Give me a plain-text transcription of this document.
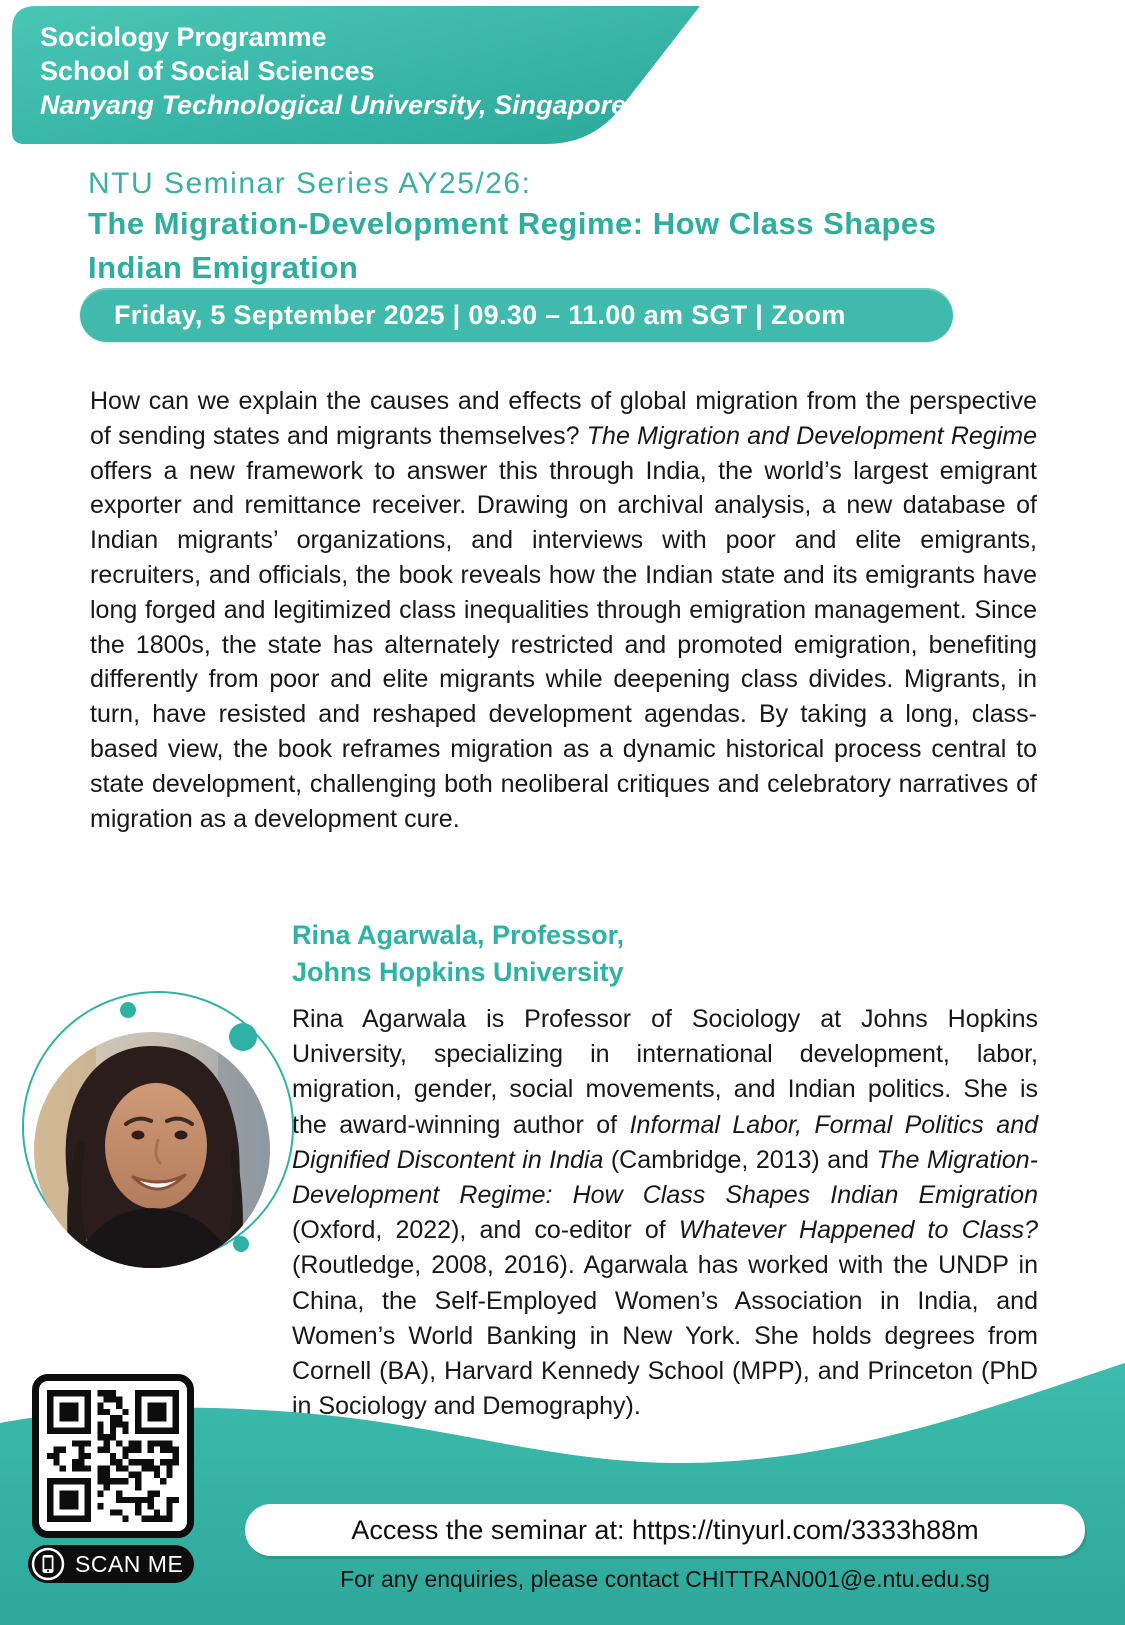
Sociology Programme
School of Social Sciences
Nanyang Technological University, Singapore
NTU Seminar Series AY25/26:
The Migration-Development Regime: How Class Shapes Indian Emigration
Friday, 5 September 2025 | 09.30 – 11.00 am SGT | Zoom
How can we explain the causes and effects of global migration from the perspective of sending states and migrants themselves? The Migration and Development Regime offers a new framework to answer this through India, the world’s largest emigrant exporter and remittance receiver. Drawing on archival analysis, a new database of Indian migrants’ organizations, and interviews with poor and elite emigrants, recruiters, and officials, the book reveals how the Indian state and its emigrants have long forged and legitimized class inequalities through emigration management. Since the 1800s, the state has alternately restricted and promoted emigration, benefiting differently from poor and elite migrants while deepening class divides. Migrants, in turn, have resisted and reshaped development agendas. By taking a long, class-based view, the book reframes migration as a dynamic historical process central to state development, challenging both neoliberal critiques and celebratory narratives of migration as a development cure.
Rina Agarwala, Professor,
Johns Hopkins University
Rina Agarwala is Professor of Sociology at Johns Hopkins University, specializing in international development, labor, migration, gender, social movements, and Indian politics. She is the award-winning author of Informal Labor, Formal Politics and Dignified Discontent in India (Cambridge, 2013) and The Migration-Development Regime: How Class Shapes Indian Emigration (Oxford, 2022), and co-editor of Whatever Happened to Class? (Routledge, 2008, 2016). Agarwala has worked with the UNDP in China, the Self-Employed Women’s Association in India, and Women’s World Banking in New York. She holds degrees from Cornell (BA), Harvard Kennedy School (MPP), and Princeton (PhD in Sociology and Demography).
SCAN ME
Access the seminar at: https://tinyurl.com/3333h88m
For any enquiries, please contact CHITTRAN001@e.ntu.edu.sg
